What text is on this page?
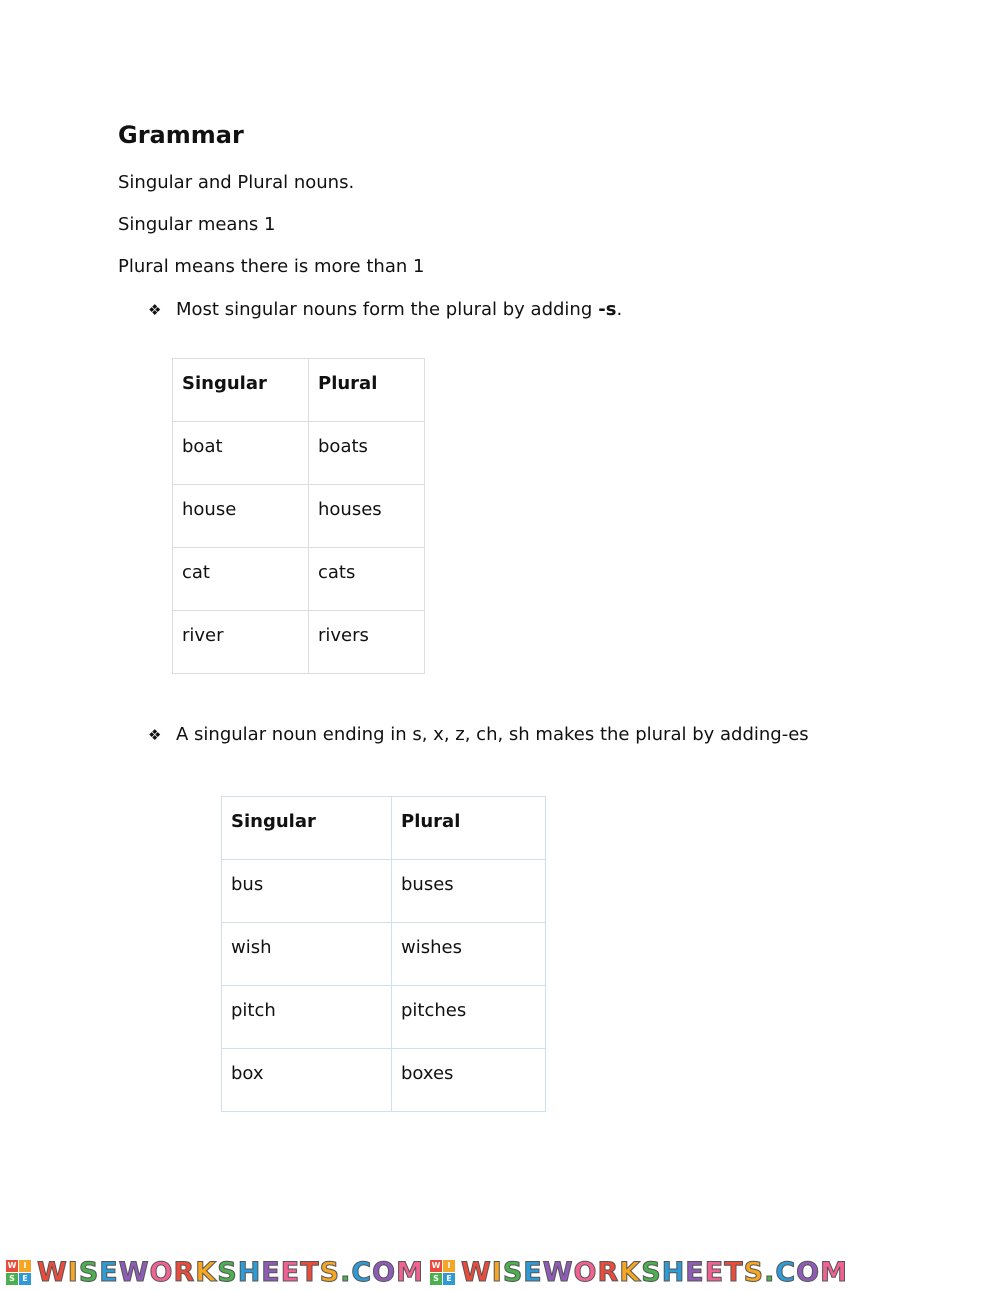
Grammar

Singular and Plural nouns.

Singular means 1

Plural means there is more than 1

❖ Most singular nouns form the plural by adding -s .
Singular	Plural
boat	boats
house	houses
cat	cats
river	rivers
❖ A singular noun ending in s, x, z, ch, sh makes the plural by adding-es
Singular	Plural
bus	buses
wish	wishes
pitch	pitches
box	boxes
W I
S E WISEWORKSHEETS.COM W I
S E WISEWORKSHEETS.COM
